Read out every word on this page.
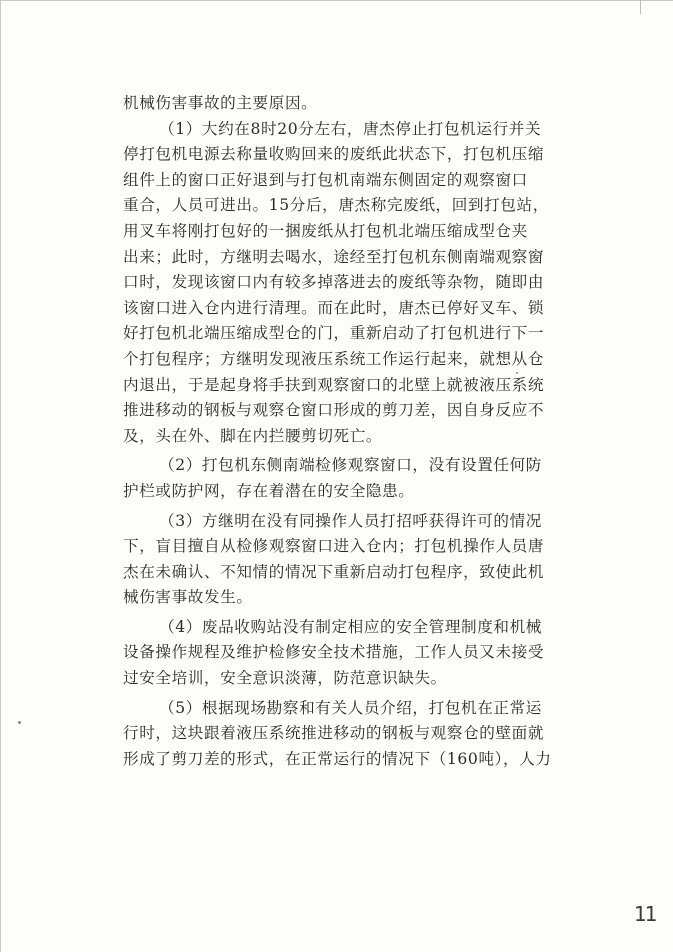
机械伤害事故的主要原因。
（1）大约在8时20分左右，唐杰停止打包机运行并关
停打包机电源去称量收购回来的废纸此状态下，打包机压缩
组件上的窗口正好退到与打包机南端东侧固定的观察窗口
重合，人员可进出。15分后，唐杰称完废纸，回到打包站，
用叉车将刚打包好的一捆废纸从打包机北端压缩成型仓夹
出来；此时，方继明去喝水，途经至打包机东侧南端观察窗
口时，发现该窗口内有较多掉落进去的废纸等杂物，随即由
该窗口进入仓内进行清理。而在此时，唐杰已停好叉车、锁
好打包机北端压缩成型仓的门，重新启动了打包机进行下一
个打包程序；方继明发现液压系统工作运行起来，就想从仓
内退出，于是起身将手扶到观察窗口的北壁上就被液压系统
推进移动的钢板与观察仓窗口形成的剪刀差，因自身反应不
及，头在外、脚在内拦腰剪切死亡。
（2）打包机东侧南端检修观察窗口，没有设置任何防
护栏或防护网，存在着潜在的安全隐患。
（3）方继明在没有同操作人员打招呼获得许可的情况
下，盲目擅自从检修观察窗口进入仓内；打包机操作人员唐
杰在未确认、不知情的情况下重新启动打包程序，致使此机
械伤害事故发生。
（4）废品收购站没有制定相应的安全管理制度和机械
设备操作规程及维护检修安全技术措施，工作人员又未接受
过安全培训，安全意识淡薄，防范意识缺失。
（5）根据现场勘察和有关人员介绍，打包机在正常运
行时，这块跟着液压系统推进移动的钢板与观察仓的壁面就
形成了剪刀差的形式，在正常运行的情况下（160吨），人力
11
